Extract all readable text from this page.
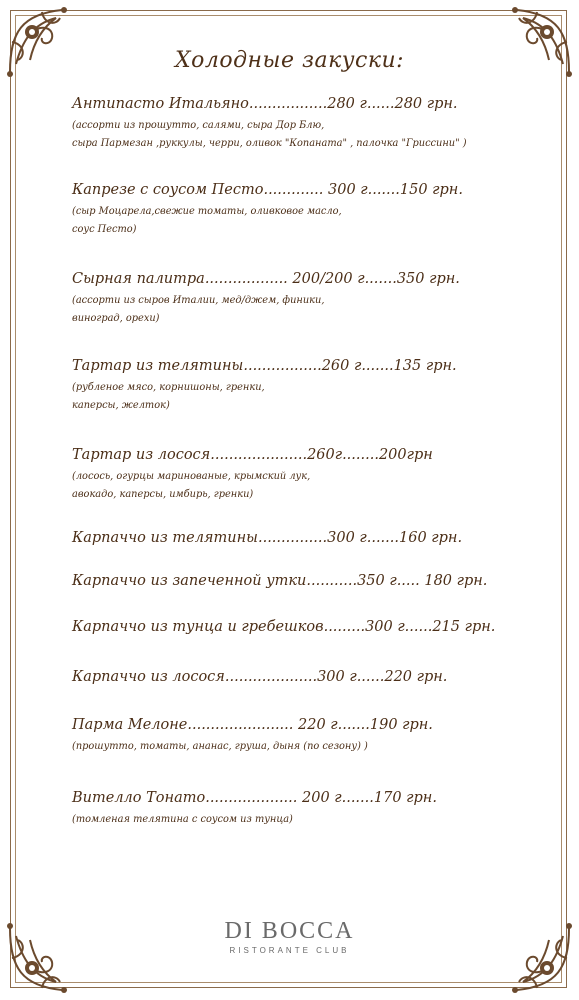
Холодные закуски:
Антипасто Итальяно.................280 г......280 грн.
(ассорти из прошутто, салями, сыра Дор Блю,
сыра Пармезан ,руккулы, черри, оливок "Копаната" , палочка "Гриссини" )
Капрезе с соусом Песто............. 300 г.......150 грн.
(сыр Моцарела,свежие томаты, оливковое масло,
соус Песто)
Сырная палитра.................. 200/200 г.......350 грн.
(ассорти из сыров Италии, мед/джем, финики,
виноград, орехи)
Тартар из телятины.................260 г.......135 грн.
(рубленое мясо, корнишоны, гренки,
каперсы, желток)
Тартар из лосося.....................260г........200грн
(лосось, огурцы маринованые, крымский лук,
авокадо, каперсы, имбирь, гренки)
Карпаччо из телятины...............300 г.......160 грн.
Карпаччо из запеченной утки...........350 г..... 180 грн.
Карпаччо из тунца и гребешков.........300 г......215 грн.
Карпаччо из лосося....................300 г......220 грн.
Парма Мелоне....................... 220 г.......190 грн.
(прошутто, томаты, ананас, груша, дыня (по сезону) )
Вителло Тонато.................... 200 г.......170 грн.
(томленая телятина с соусом из тунца)
DI BOCCA
RISTORANTE CLUB
